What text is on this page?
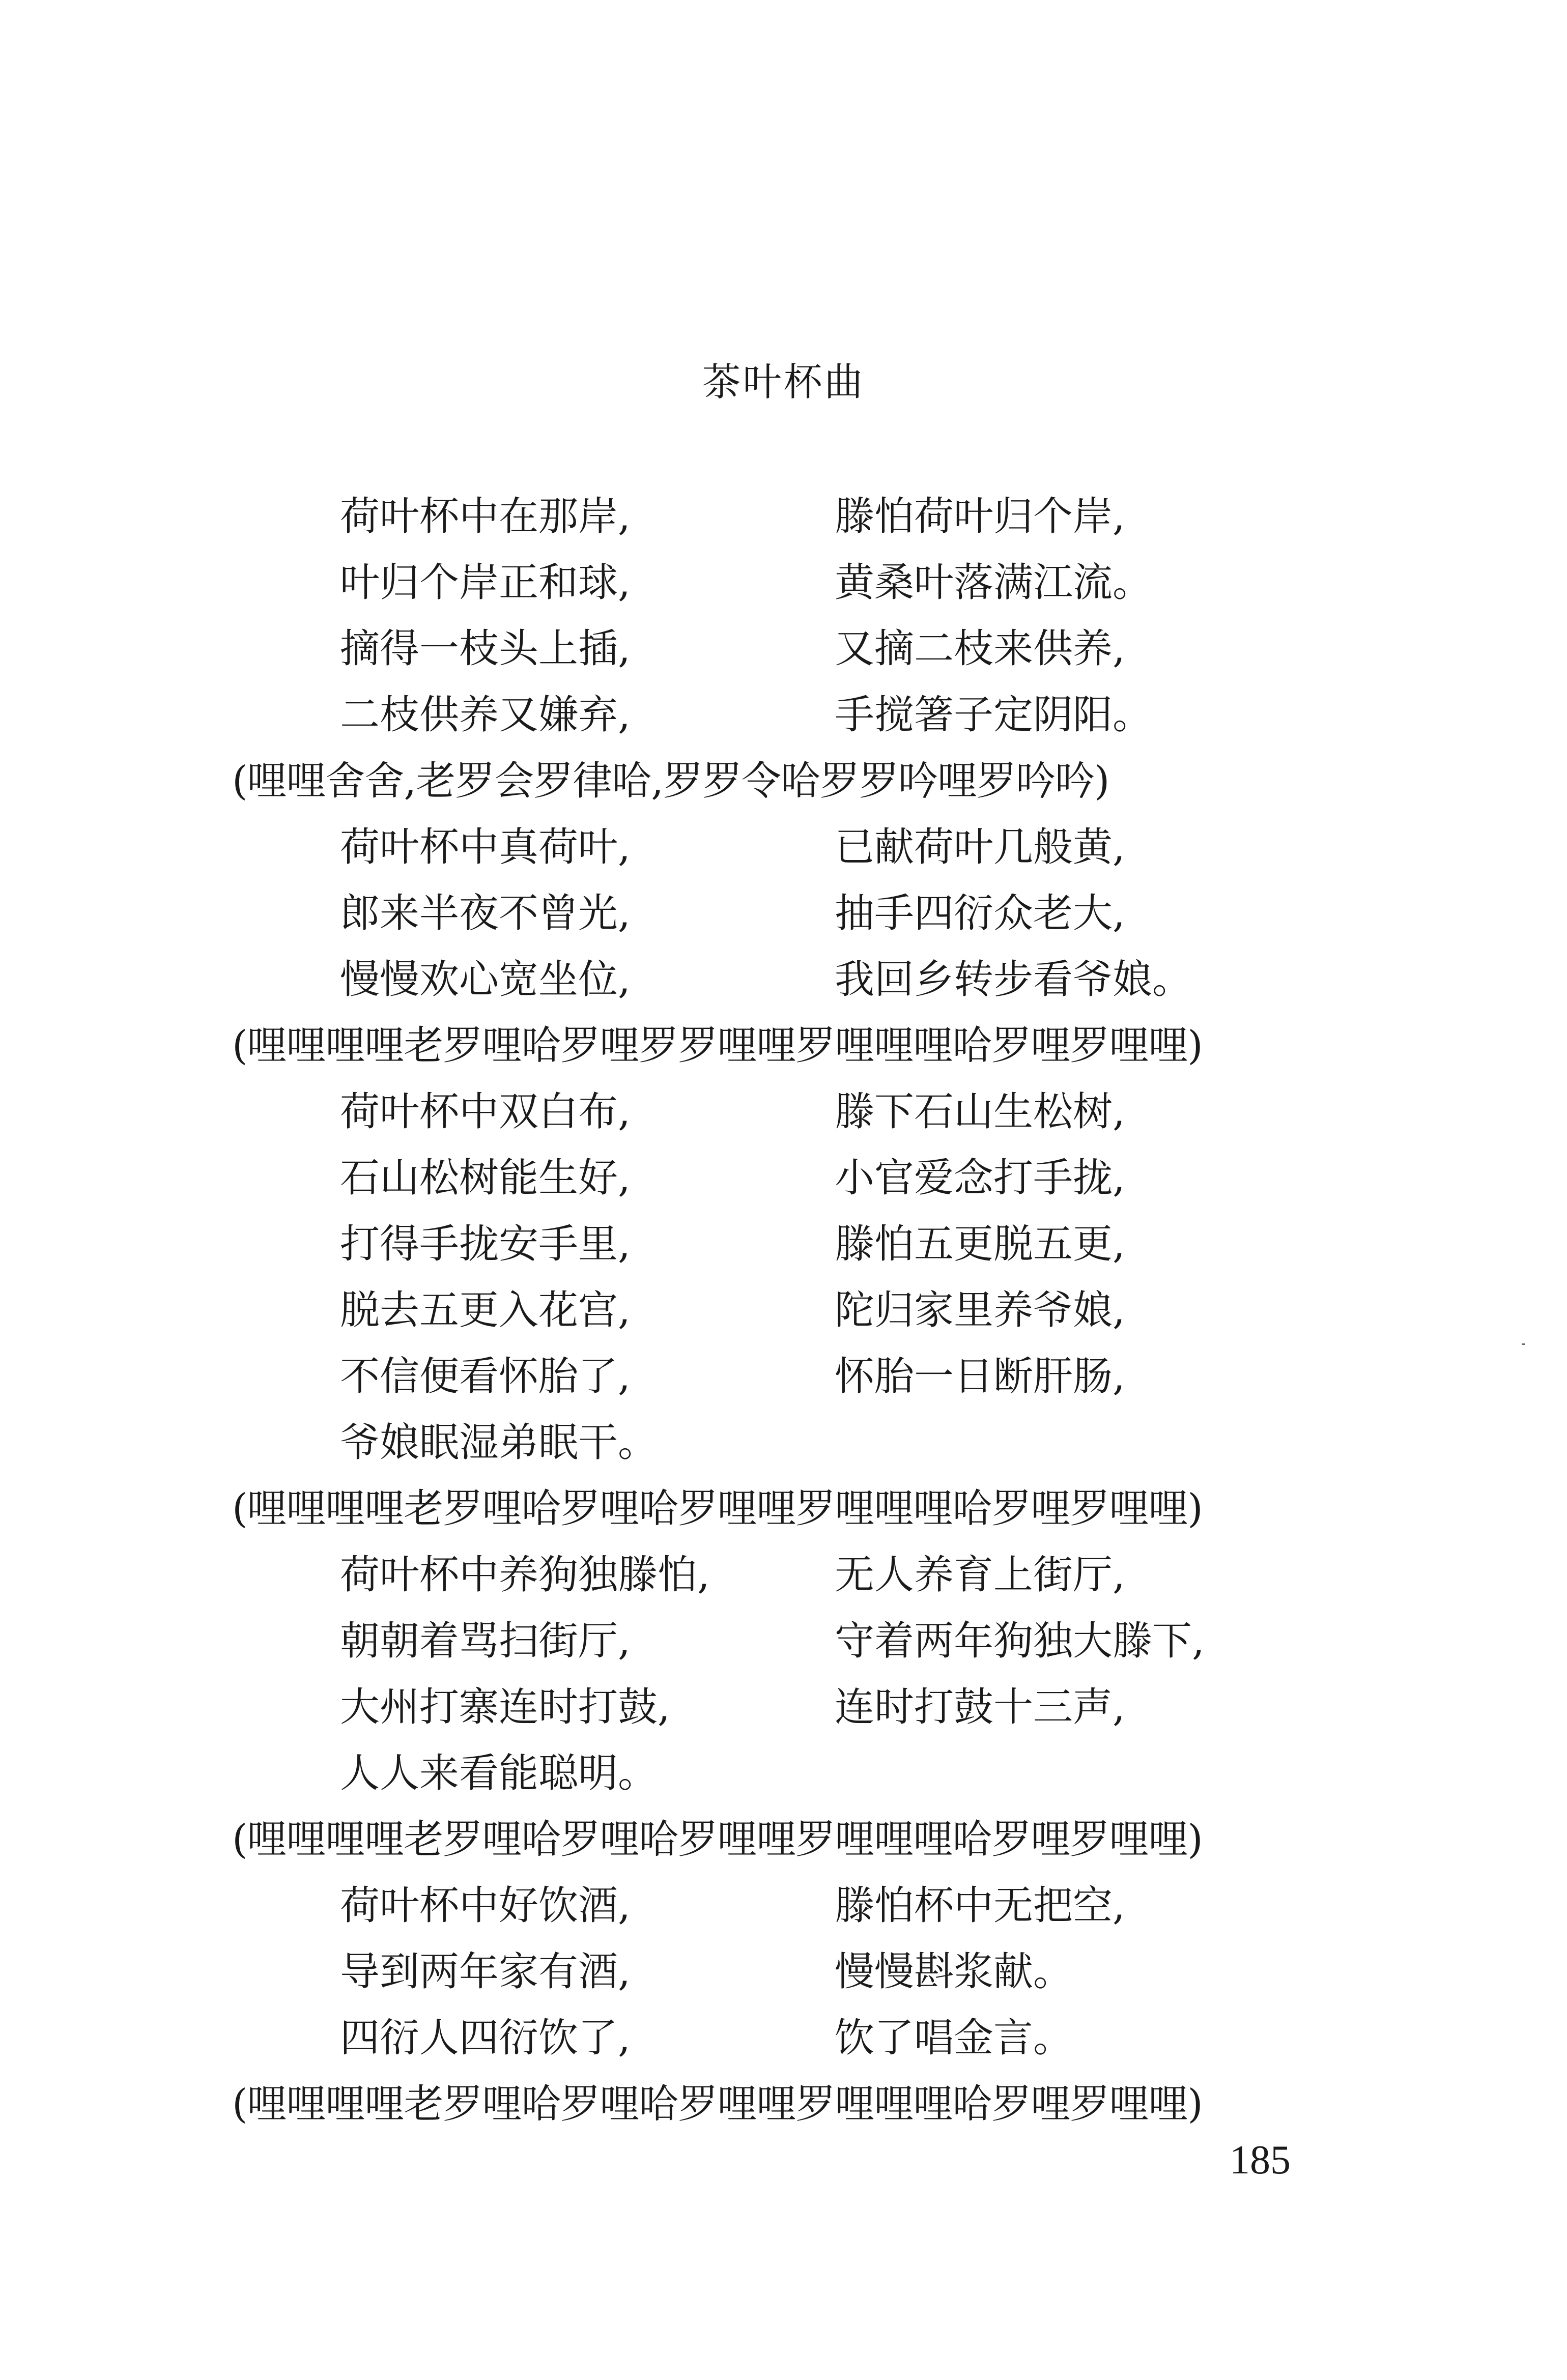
茶叶杯曲
荷叶杯中在那岸,	滕怕荷叶归个岸,
叶归个岸正和球,	黄桑叶落满江流。
摘得一枝头上插,	又摘二枝来供养,
二枝供养又嫌弃,	手搅箸子定阴阳。
(哩哩舍舍,老罗会罗律哈,罗罗令哈罗罗吟哩罗吟吟)
荷叶杯中真荷叶,	已献荷叶几般黄,
郎来半夜不曾光,	抽手四衍众老大,
慢慢欢心宽坐位,	我回乡转步看爷娘。
(哩哩哩哩老罗哩哈罗哩罗罗哩哩罗哩哩哩哈罗哩罗哩哩)
荷叶杯中双白布,	滕下石山生松树,
石山松树能生好,	小官爱念打手拢,
打得手拢安手里,	滕怕五更脱五更,
脱去五更入花宫,	陀归家里养爷娘,
不信便看怀胎了,	怀胎一日断肝肠,
爷娘眠湿弟眠干。
(哩哩哩哩老罗哩哈罗哩哈罗哩哩罗哩哩哩哈罗哩罗哩哩)
荷叶杯中养狗独滕怕,	无人养育上街厅,
朝朝着骂扫街厅,	守着两年狗独大滕下,
大州打寨连时打鼓,	连时打鼓十三声,
人人来看能聪明。
(哩哩哩哩老罗哩哈罗哩哈罗哩哩罗哩哩哩哈罗哩罗哩哩)
荷叶杯中好饮酒,	滕怕杯中无把空,
导到两年家有酒,	慢慢斟浆献。
四衍人四衍饮了,	饮了唱金言。
(哩哩哩哩老罗哩哈罗哩哈罗哩哩罗哩哩哩哈罗哩罗哩哩)
185
